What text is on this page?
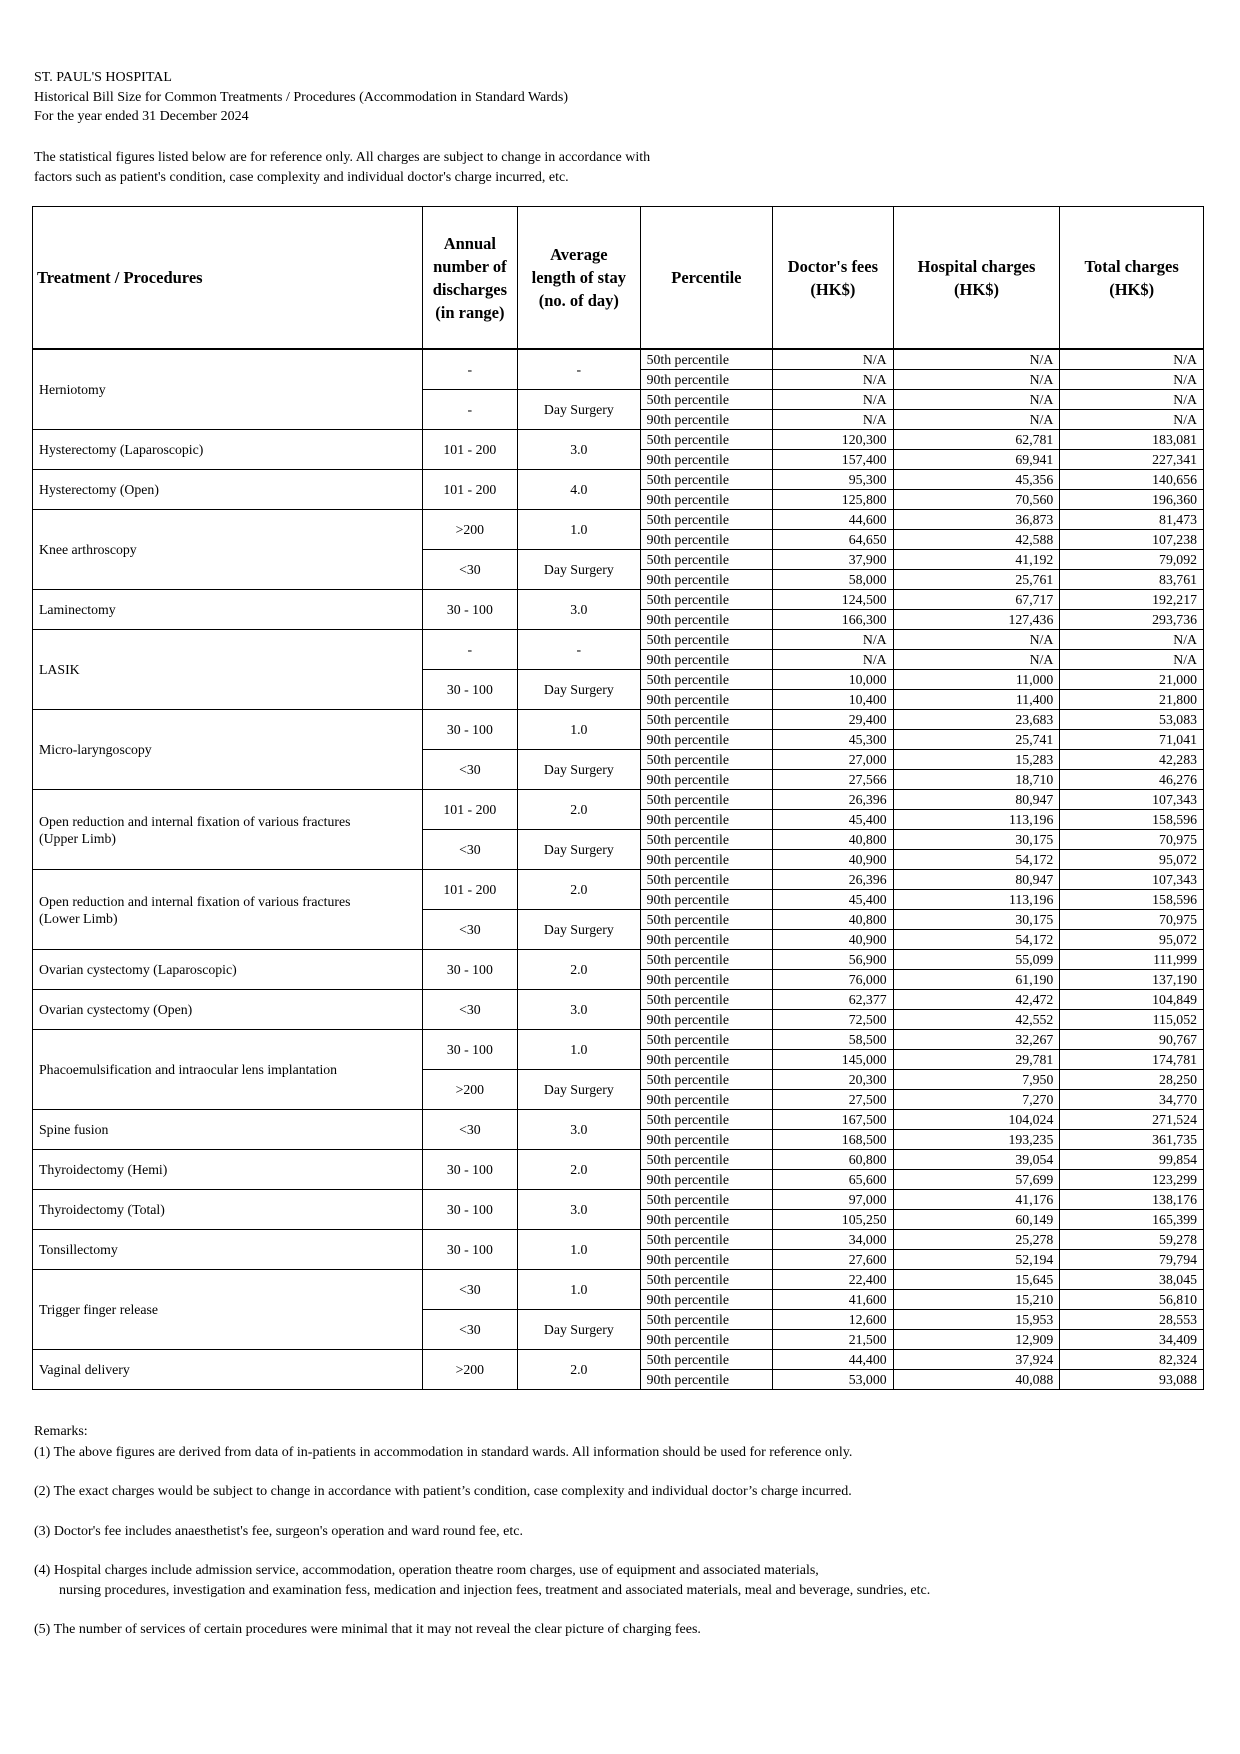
ST. PAUL'S HOSPITAL
Historical Bill Size for Common Treatments / Procedures (Accommodation in Standard Wards)
For the year ended 31 December 2024
The statistical figures listed below are for reference only. All charges are subject to change in accordance with
factors such as patient's condition, case complexity and individual doctor's charge incurred, etc.
Treatment / Procedures	Annual
number of
discharges
(in range)	Average
length of stay
(no. of day)	Percentile	Doctor's fees
(HK$)	Hospital charges
(HK$)	Total charges
(HK$)
Herniotomy	-	-	50th percentile	N/A	N/A	N/A
			90th percentile	N/A	N/A	N/A
	-	Day Surgery	50th percentile	N/A	N/A	N/A
			90th percentile	N/A	N/A	N/A
Hysterectomy (Laparoscopic)	101 - 200	3.0	50th percentile	120,300	62,781	183,081
			90th percentile	157,400	69,941	227,341
Hysterectomy (Open)	101 - 200	4.0	50th percentile	95,300	45,356	140,656
			90th percentile	125,800	70,560	196,360
Knee arthroscopy	>200	1.0	50th percentile	44,600	36,873	81,473
			90th percentile	64,650	42,588	107,238
	<30	Day Surgery	50th percentile	37,900	41,192	79,092
			90th percentile	58,000	25,761	83,761
Laminectomy	30 - 100	3.0	50th percentile	124,500	67,717	192,217
			90th percentile	166,300	127,436	293,736
LASIK	-	-	50th percentile	N/A	N/A	N/A
			90th percentile	N/A	N/A	N/A
	30 - 100	Day Surgery	50th percentile	10,000	11,000	21,000
			90th percentile	10,400	11,400	21,800
Micro-laryngoscopy	30 - 100	1.0	50th percentile	29,400	23,683	53,083
			90th percentile	45,300	25,741	71,041
	<30	Day Surgery	50th percentile	27,000	15,283	42,283
			90th percentile	27,566	18,710	46,276
Open reduction and internal fixation of various fractures
(Upper Limb)	101 - 200	2.0	50th percentile	26,396	80,947	107,343
			90th percentile	45,400	113,196	158,596
	<30	Day Surgery	50th percentile	40,800	30,175	70,975
			90th percentile	40,900	54,172	95,072
Open reduction and internal fixation of various fractures
(Lower Limb)	101 - 200	2.0	50th percentile	26,396	80,947	107,343
			90th percentile	45,400	113,196	158,596
	<30	Day Surgery	50th percentile	40,800	30,175	70,975
			90th percentile	40,900	54,172	95,072
Ovarian cystectomy (Laparoscopic)	30 - 100	2.0	50th percentile	56,900	55,099	111,999
			90th percentile	76,000	61,190	137,190
Ovarian cystectomy (Open)	<30	3.0	50th percentile	62,377	42,472	104,849
			90th percentile	72,500	42,552	115,052
Phacoemulsification and intraocular lens implantation	30 - 100	1.0	50th percentile	58,500	32,267	90,767
			90th percentile	145,000	29,781	174,781
	>200	Day Surgery	50th percentile	20,300	7,950	28,250
			90th percentile	27,500	7,270	34,770
Spine fusion	<30	3.0	50th percentile	167,500	104,024	271,524
			90th percentile	168,500	193,235	361,735
Thyroidectomy (Hemi)	30 - 100	2.0	50th percentile	60,800	39,054	99,854
			90th percentile	65,600	57,699	123,299
Thyroidectomy (Total)	30 - 100	3.0	50th percentile	97,000	41,176	138,176
			90th percentile	105,250	60,149	165,399
Tonsillectomy	30 - 100	1.0	50th percentile	34,000	25,278	59,278
			90th percentile	27,600	52,194	79,794
Trigger finger release	<30	1.0	50th percentile	22,400	15,645	38,045
			90th percentile	41,600	15,210	56,810
	<30	Day Surgery	50th percentile	12,600	15,953	28,553
			90th percentile	21,500	12,909	34,409
Vaginal delivery	>200	2.0	50th percentile	44,400	37,924	82,324
			90th percentile	53,000	40,088	93,088
Remarks:
(1) The above figures are derived from data of in-patients in accommodation in standard wards. All information should be used for reference only.
(2) The exact charges would be subject to change in accordance with patient’s condition, case complexity and individual doctor’s charge incurred.
(3) Doctor's fee includes anaesthetist's fee, surgeon's operation and ward round fee, etc.
(4) Hospital charges include admission service, accommodation, operation theatre room charges, use of equipment and associated materials,
nursing procedures, investigation and examination fess, medication and injection fees, treatment and associated materials, meal and beverage, sundries, etc.
(5) The number of services of certain procedures were minimal that it may not reveal the clear picture of charging fees.
